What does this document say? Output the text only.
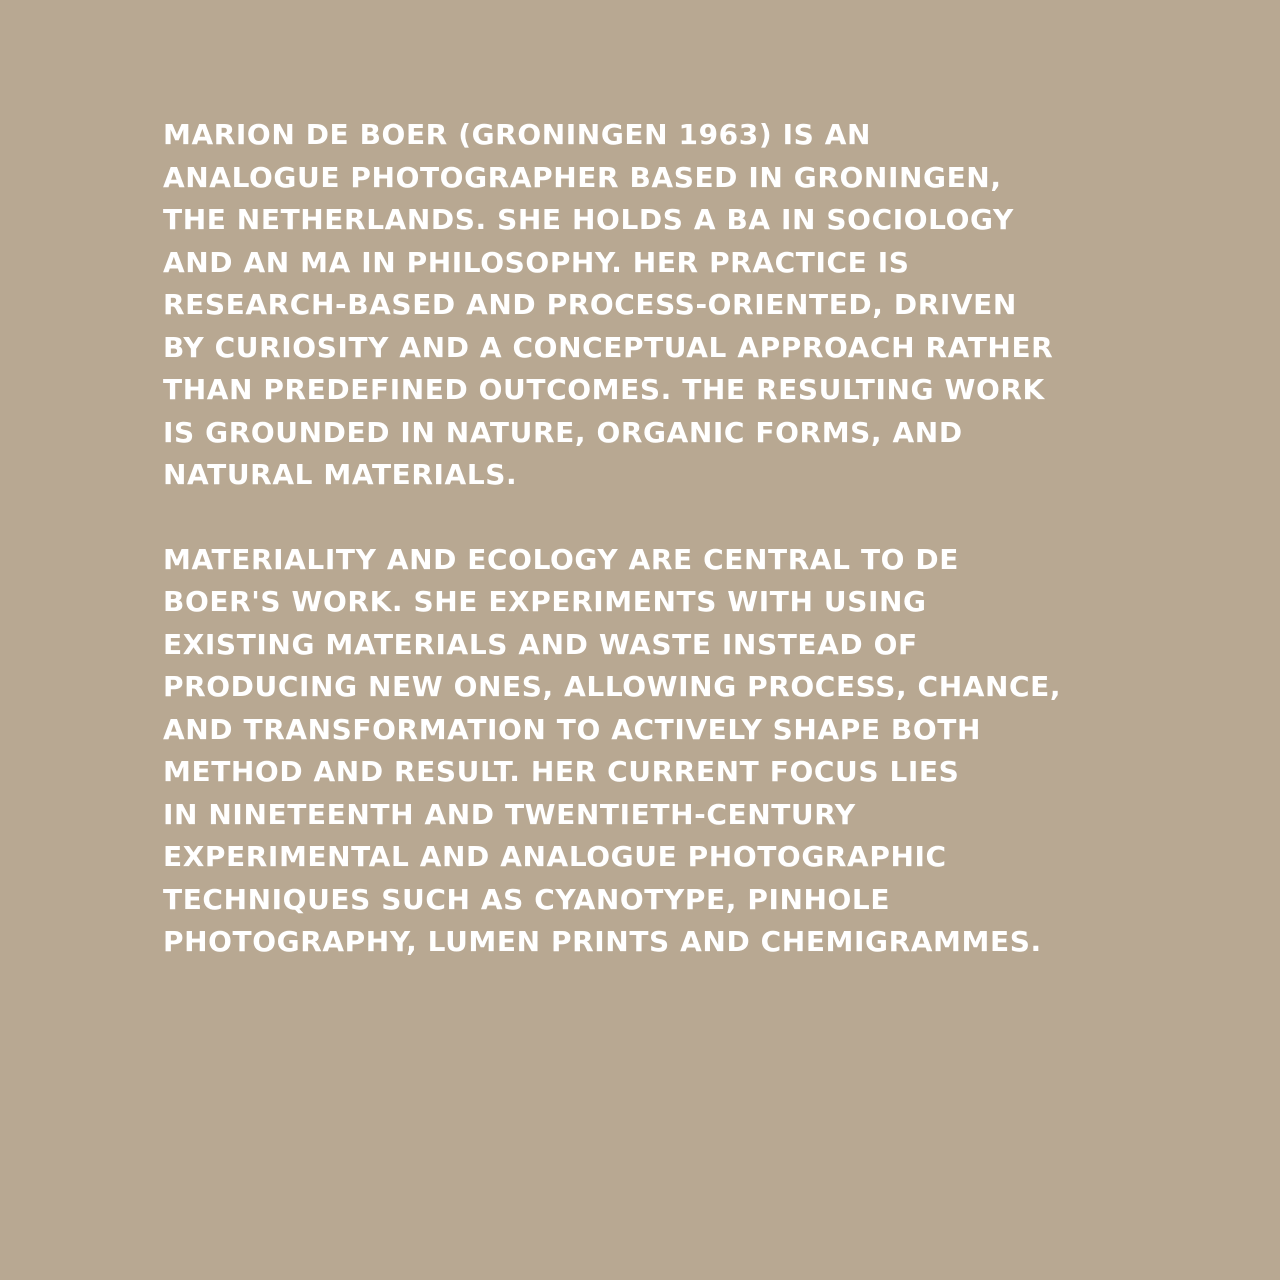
MARION DE BOER (GRONINGEN 1963) IS AN
ANALOGUE PHOTOGRAPHER BASED IN GRONINGEN,
THE NETHERLANDS. SHE HOLDS A BA IN SOCIOLOGY
AND AN MA IN PHILOSOPHY. HER PRACTICE IS
RESEARCH-BASED AND PROCESS-ORIENTED, DRIVEN
BY CURIOSITY AND A CONCEPTUAL APPROACH RATHER
THAN PREDEFINED OUTCOMES. THE RESULTING WORK
IS GROUNDED IN NATURE, ORGANIC FORMS, AND
NATURAL MATERIALS.

MATERIALITY AND ECOLOGY ARE CENTRAL TO DE
BOER'S WORK. SHE EXPERIMENTS WITH USING
EXISTING MATERIALS AND WASTE INSTEAD OF
PRODUCING NEW ONES, ALLOWING PROCESS, CHANCE,
AND TRANSFORMATION TO ACTIVELY SHAPE BOTH
METHOD AND RESULT. HER CURRENT FOCUS LIES
IN NINETEENTH AND TWENTIETH-CENTURY
EXPERIMENTAL AND ANALOGUE PHOTOGRAPHIC
TECHNIQUES SUCH AS CYANOTYPE, PINHOLE
PHOTOGRAPHY, LUMEN PRINTS AND CHEMIGRAMMES.
